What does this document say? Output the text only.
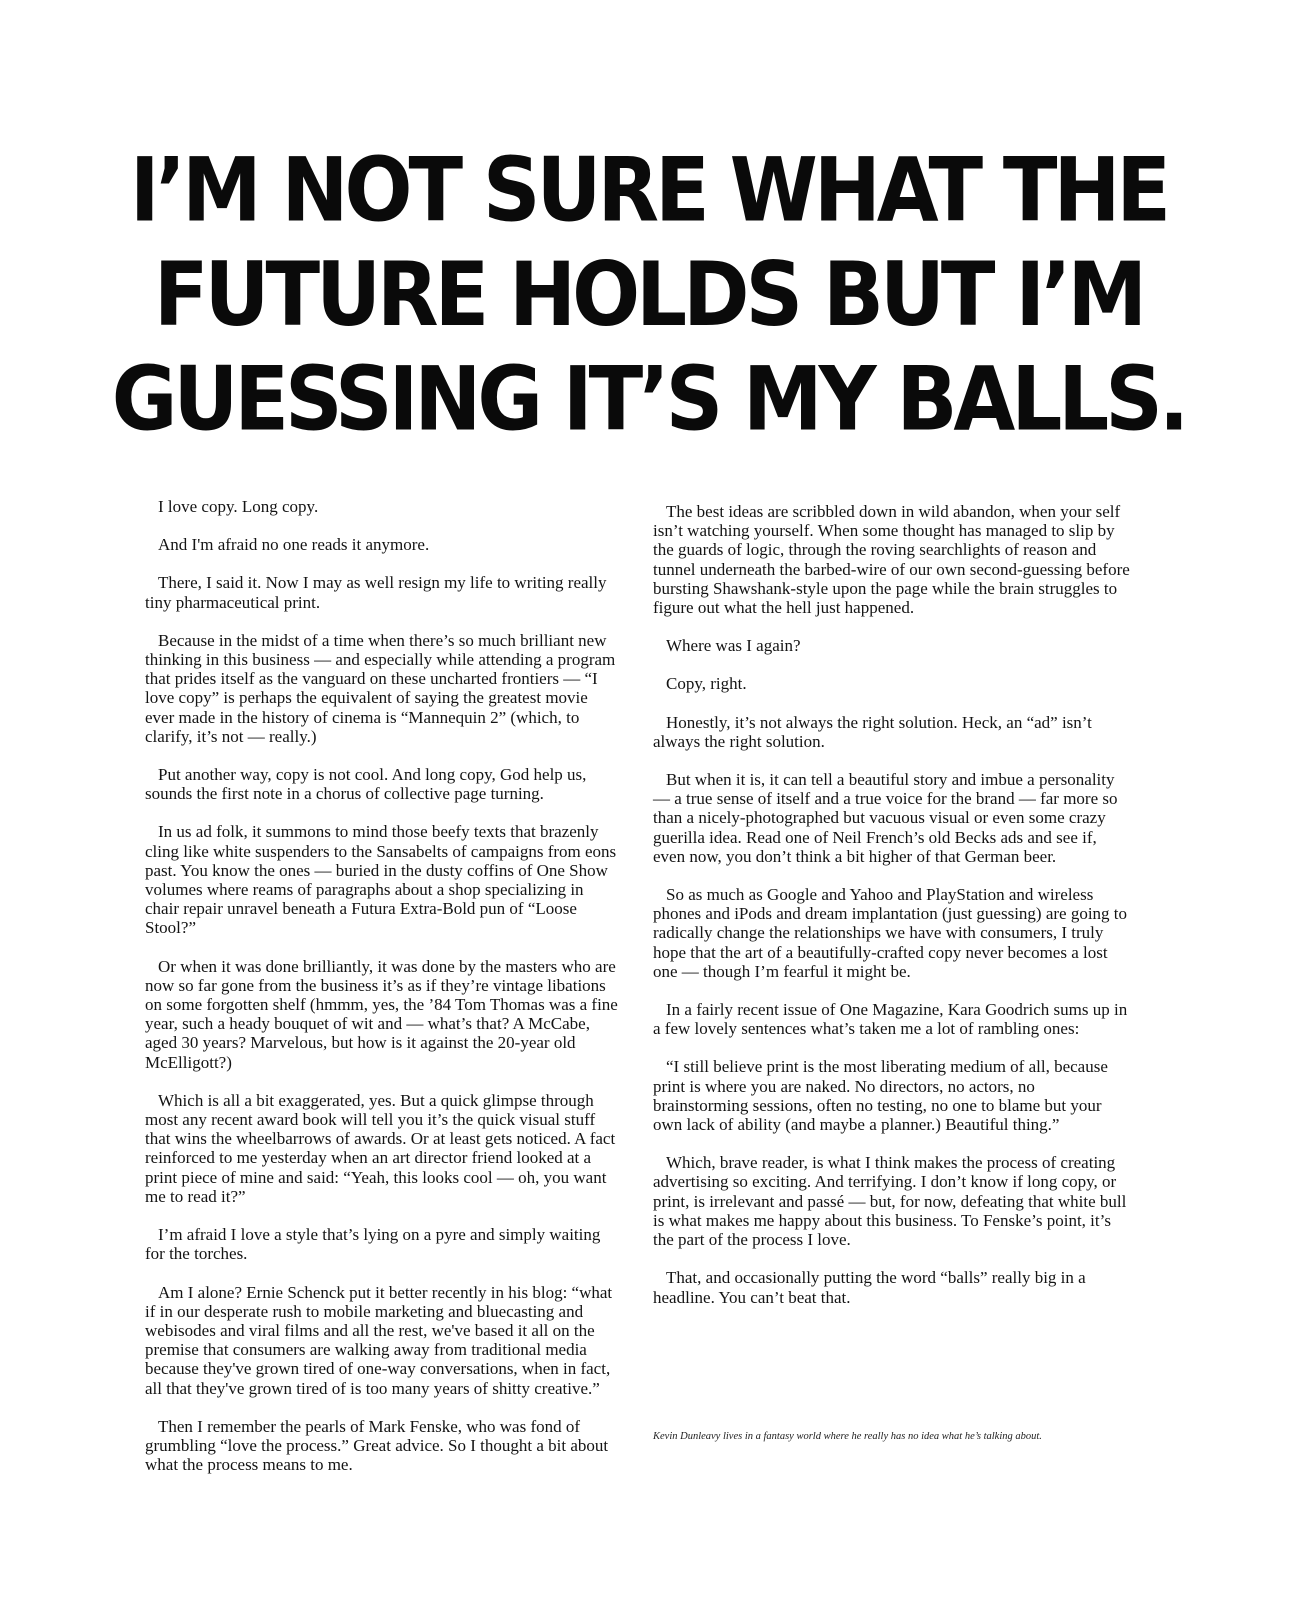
I’M NOT SURE WHAT THE
FUTURE HOLDS BUT I’M
GUESSING IT’S MY BALLS.

I love copy. Long copy.

And I'm afraid no one reads it anymore.

There, I said it. Now I may as well resign my life to writing really tiny pharmaceutical print.

Because in the midst of a time when there’s so much brilliant new thinking in this business — and especially while attending a program that prides itself as the vanguard on these uncharted frontiers — “I love copy” is perhaps the equivalent of saying the greatest movie ever made in the history of cinema is “Mannequin 2” (which, to clarify, it’s not — really.)

Put another way, copy is not cool. And long copy, God help us, sounds the first note in a chorus of collective page turning.

In us ad folk, it summons to mind those beefy texts that brazenly cling like white suspenders to the Sansabelts of campaigns from eons past. You know the ones — buried in the dusty coffins of One Show volumes where reams of paragraphs about a shop specializing in chair repair unravel beneath a Futura Extra-Bold pun of “Loose Stool?”

Or when it was done brilliantly, it was done by the masters who are now so far gone from the business it’s as if they’re vintage libations on some forgotten shelf (hmmm, yes, the ’84 Tom Thomas was a fine year, such a heady bouquet of wit and — what’s that? A McCabe, aged 30 years? Marvelous, but how is it against the 20-year old McElligott?)

Which is all a bit exaggerated, yes. But a quick glimpse through most any recent award book will tell you it’s the quick visual stuff that wins the wheelbarrows of awards. Or at least gets noticed. A fact reinforced to me yesterday when an art director friend looked at a print piece of mine and said: “Yeah, this looks cool — oh, you want me to read it?”

I’m afraid I love a style that’s lying on a pyre and simply waiting for the torches.

Am I alone? Ernie Schenck put it better recently in his blog: “what if in our desperate rush to mobile marketing and bluecasting and webisodes and viral films and all the rest, we've based it all on the premise that consumers are walking away from traditional media because they've grown tired of one-way conversations, when in fact, all that they've grown tired of is too many years of shitty creative.”

Then I remember the pearls of Mark Fenske, who was fond of grumbling “love the process.” Great advice. So I thought a bit about what the process means to me.

The best ideas are scribbled down in wild abandon, when your self isn’t watching yourself. When some thought has managed to slip by the guards of logic, through the roving searchlights of reason and tunnel underneath the barbed-wire of our own second-guessing before bursting Shawshank-style upon the page while the brain struggles to figure out what the hell just happened.

Where was I again?

Copy, right.

Honestly, it’s not always the right solution. Heck, an “ad” isn’t always the right solution.

But when it is, it can tell a beautiful story and imbue a personality — a true sense of itself and a true voice for the brand — far more so than a nicely-photographed but vacuous visual or even some crazy guerilla idea. Read one of Neil French’s old Becks ads and see if, even now, you don’t think a bit higher of that German beer.

So as much as Google and Yahoo and PlayStation and wireless phones and iPods and dream implantation (just guessing) are going to radically change the relationships we have with consumers, I truly hope that the art of a beautifully-crafted copy never becomes a lost one — though I’m fearful it might be.

In a fairly recent issue of One Magazine, Kara Goodrich sums up in a few lovely sentences what’s taken me a lot of rambling ones:

“I still believe print is the most liberating medium of all, because print is where you are naked. No directors, no actors, no brainstorming sessions, often no testing, no one to blame but your own lack of ability (and maybe a planner.) Beautiful thing.”

Which, brave reader, is what I think makes the process of creating advertising so exciting. And terrifying. I don’t know if long copy, or print, is irrelevant and passé — but, for now, defeating that white bull is what makes me happy about this business. To Fenske’s point, it’s the part of the process I love.

That, and occasionally putting the word “balls” really big in a headline. You can’t beat that.

Kevin Dunleavy lives in a fantasy world where he really has no idea what he’s talking about.
